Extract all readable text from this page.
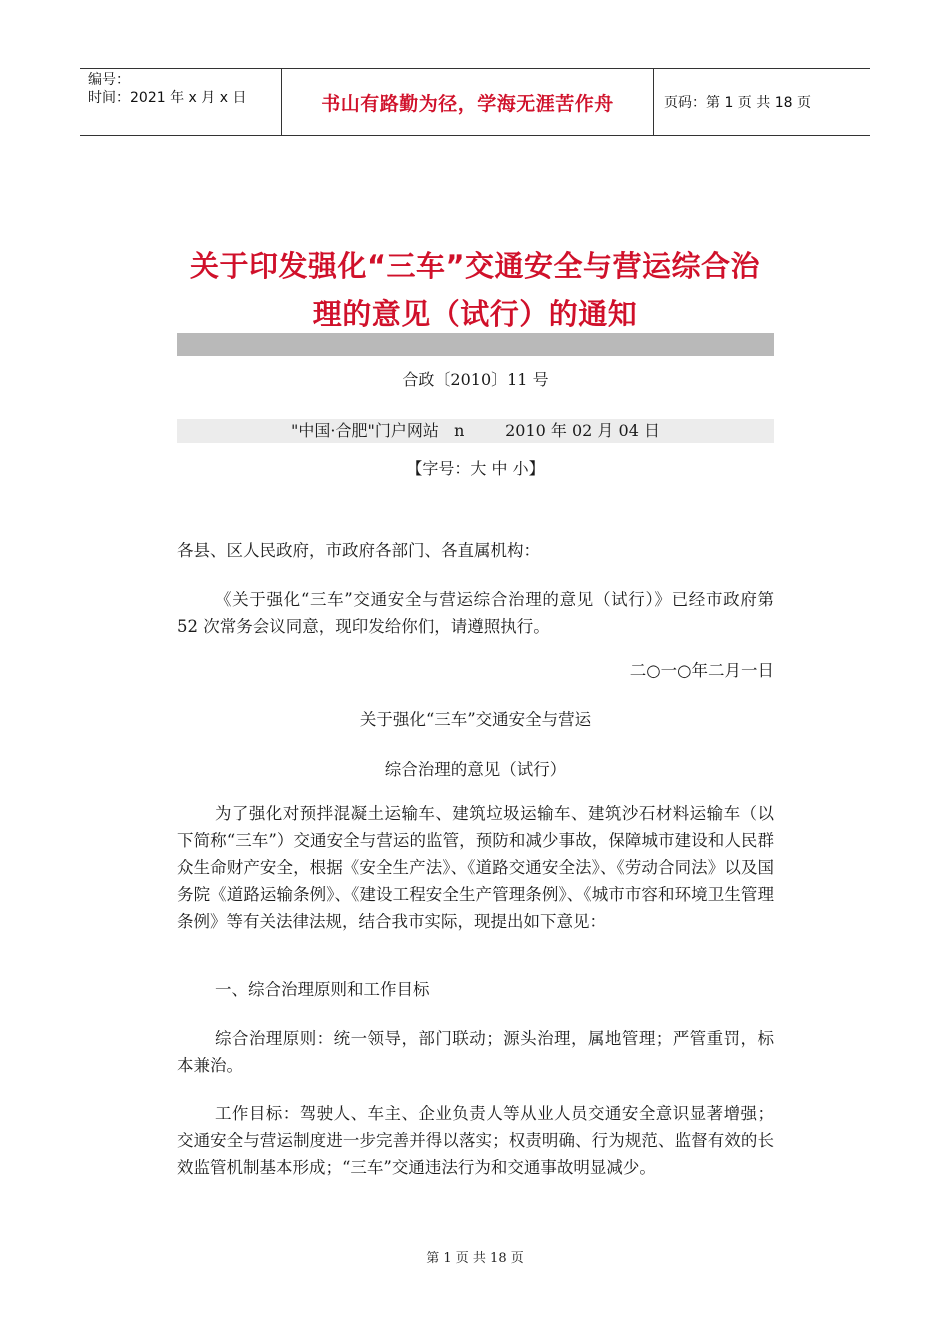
编号：
时间：2021 年 x 月 x 日	书山有路勤为径，学海无涯苦作舟	页码：第 1 页 共 18 页
关于印发强化“三车”交通安全与营运综合治
理的意见（试行）的通知
合政〔2010〕11 号
"中国·合肥"门户网站   n        2010 年 02 月 04 日
【字号：大 中 小】
各县、区人民政府，市政府各部门、各直属机构：
《关于强化“三车”交通安全与营运综合治理的意见（试行）》已经市政府第 52 次常务会议同意，现印发给你们，请遵照执行。
二○一○年二月一日
关于强化“三车”交通安全与营运
综合治理的意见（试行）
为了强化对预拌混凝土运输车、建筑垃圾运输车、建筑沙石材料运输车（以下简称“三车”）交通安全与营运的监管，预防和减少事故，保障城市建设和人民群众生命财产安全，根据《安全生产法》、《道路交通安全法》、《劳动合同法》以及国务院《道路运输条例》、《建设工程安全生产管理条例》、《城市市容和环境卫生管理条例》等有关法律法规，结合我市实际，现提出如下意见：
一、综合治理原则和工作目标
综合治理原则：统一领导，部门联动；源头治理，属地管理；严管重罚，标本兼治。
工作目标：驾驶人、车主、企业负责人等从业人员交通安全意识显著增强；交通安全与营运制度进一步完善并得以落实；权责明确、行为规范、监督有效的长效监管机制基本形成；“三车”交通违法行为和交通事故明显减少。
第 1 页 共 18 页
